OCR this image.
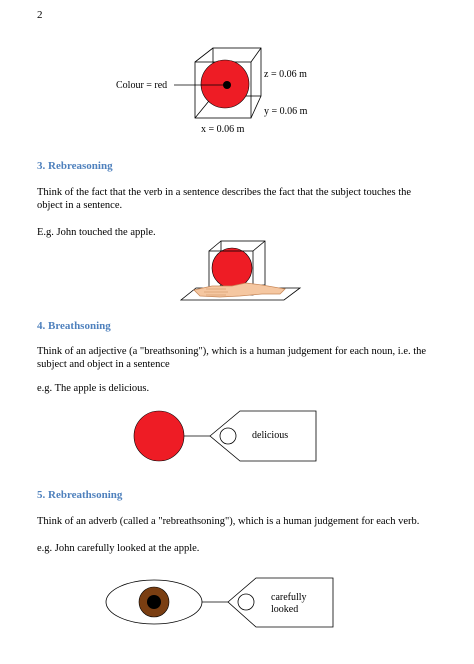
2
Colour = red
z = 0.06 m
y = 0.06 m
x = 0.06 m
3. Rebreasoning
Think of the fact that the verb in a sentence describes the fact that the subject touches the object in a sentence.
E.g. John touched the apple.
4. Breathsoning
Think of an adjective (a "breathsoning"), which is a human judgement for each noun, i.e. the subject and object in a sentence
e.g. The apple is delicious.
delicious
5. Rebreathsoning
Think of an adverb (called a "rebreathsoning"), which is a human judgement for each verb.
e.g. John carefully looked at the apple.
carefully
looked
